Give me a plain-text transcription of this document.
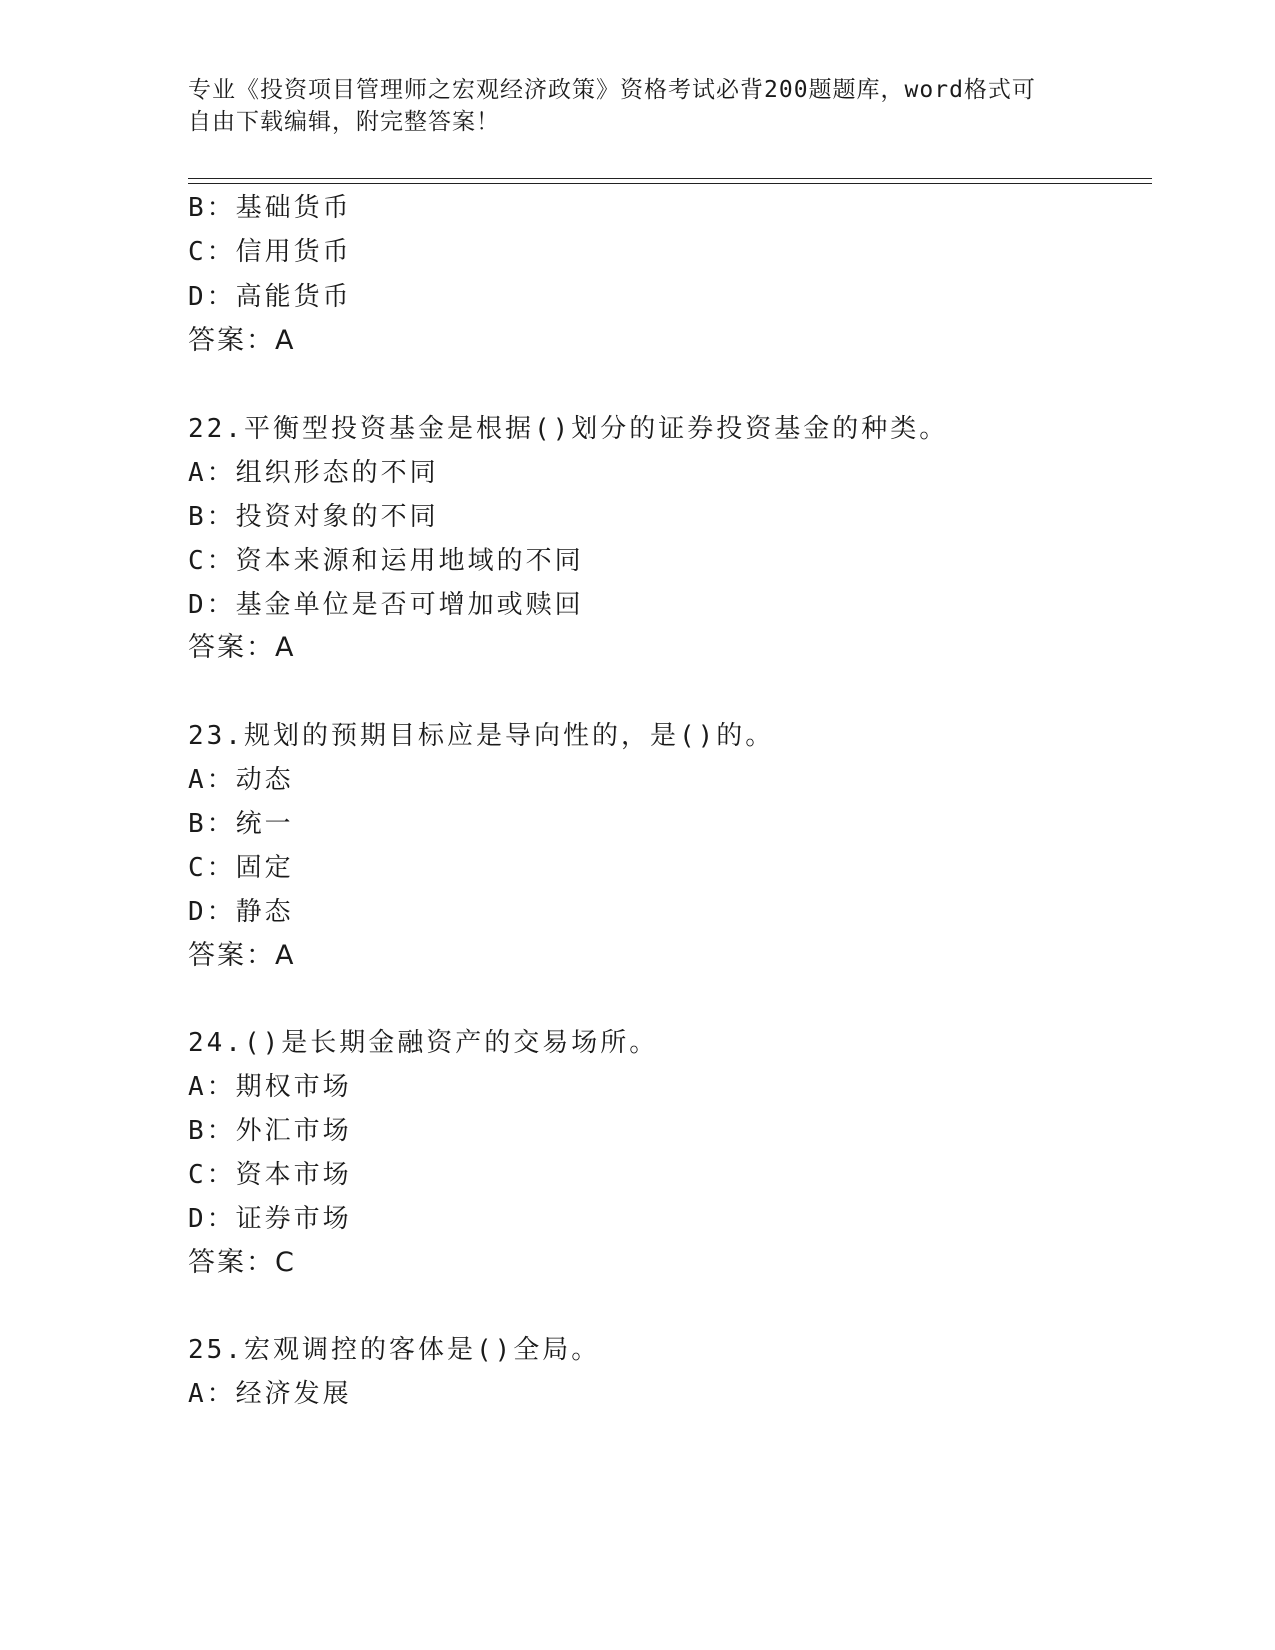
专业《投资项目管理师之宏观经济政策》资格考试必背200题题库，word格式可
自由下载编辑，附完整答案！
B：基础货币
C：信用货币
D：高能货币
答案：A
22.平衡型投资基金是根据()划分的证券投资基金的种类。
A：组织形态的不同
B：投资对象的不同
C：资本来源和运用地域的不同
D：基金单位是否可增加或赎回
答案：A
23.规划的预期目标应是导向性的，是()的。
A：动态
B：统一
C：固定
D：静态
答案：A
24.()是长期金融资产的交易场所。
A：期权市场
B：外汇市场
C：资本市场
D：证券市场
答案：C
25.宏观调控的客体是()全局。
A：经济发展
